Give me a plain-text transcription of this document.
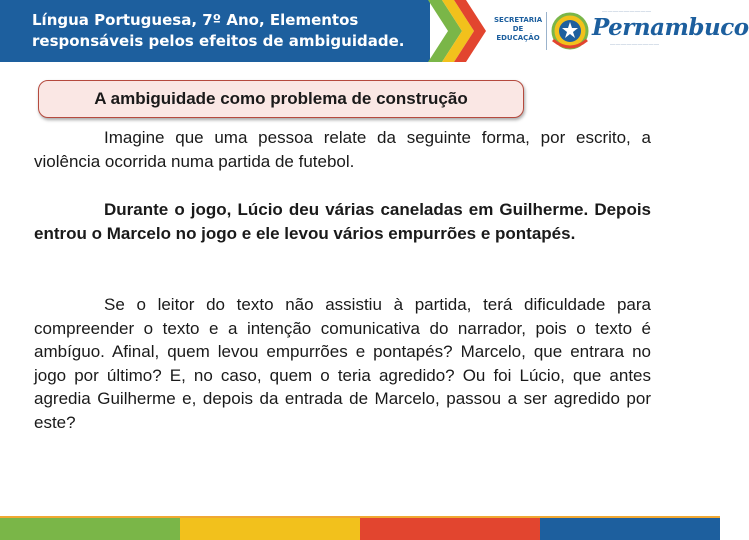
Língua Portuguesa, 7º Ano, Elementos responsáveis pelos efeitos de ambiguidade.
SECRETARIA DE EDUCAÇÃO Pernambuco
—————————
—————————
A ambiguidade como problema de construção

Imagine que uma pessoa relate da seguinte forma, por escrito, a violência ocorrida numa partida de futebol.

Durante o jogo, Lúcio deu várias caneladas em Guilherme. Depois entrou o Marcelo no jogo e ele levou vários empurrões e pontapés.

Se o leitor do texto não assistiu à partida, terá dificuldade para compreender o texto e a intenção comunicativa do narrador, pois o texto é ambíguo. Afinal, quem levou empurrões e pontapés? Marcelo, que entrara no jogo por último? E, no caso, quem o teria agredido? Ou foi Lúcio, que antes agredia Guilherme e, depois da entrada de Marcelo, passou a ser agredido por este?
